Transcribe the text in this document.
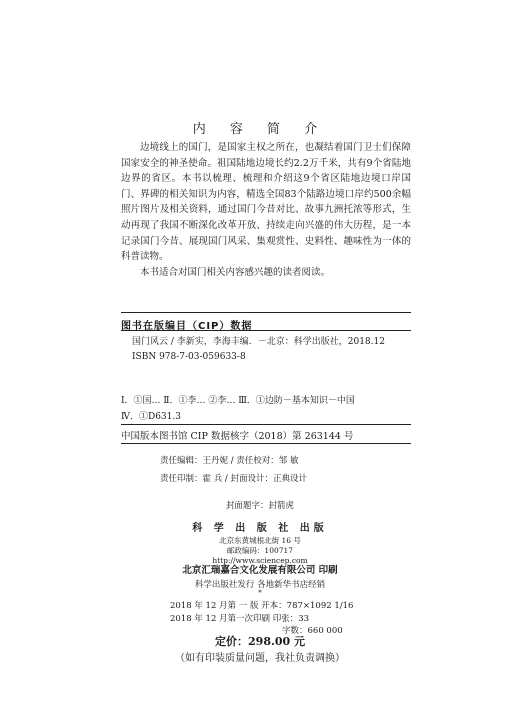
内 容 简 介

边境线上的国门，是国家主权之所在，也凝结着国门卫士们保障国家安全的神圣使命。祖国陆地边境长约2.2万千米，共有9个省陆地边界的省区。本书以梳理、梳理和介绍这9个省区陆地边境口岸国门、界碑的相关知识为内容，精选全国83个陆路边境口岸约500余幅照片图片及相关资料，通过国门今昔对比、故事九洲托浓等形式，生动再现了我国不断深化改革开放、持续走向兴盛的伟大历程，是一本记录国门今昔、展现国门风采、集观赏性、史料性、趣味性为一体的科普读物。

本书适合对国门相关内容感兴趣的读者阅读。

图书在版编目（CIP）数据
国门风云 / 李新实，李海丰编．－北京：科学出版社，2018.12
ISBN 978-7-03-059633-8
Ⅰ．①国… Ⅱ．①李… ②李… Ⅲ．①边防－基本知识－中国
Ⅳ．①D631.3
中国版本图书馆 CIP 数据核字（2018）第 263144 号
责任编辑：王丹妮 / 责任校对：邹 敏
责任印制：霍 兵 / 封面设计：正典设计
封面题字：封箭虎
科 学 出 版 社 出版
北京东黄城根北街 16 号
邮政编码：100717
http://www.sciencep.com
北京汇瑞嘉合文化发展有限公司 印刷
科学出版社发行 各地新华书店经销
*
2018 年 12 月第 一 版 开本：787×1092 1/16
2018 年 12 月第一次印刷 印张：33
字数：660 000
定价：298.00 元
（如有印装质量问题，我社负责调换）
